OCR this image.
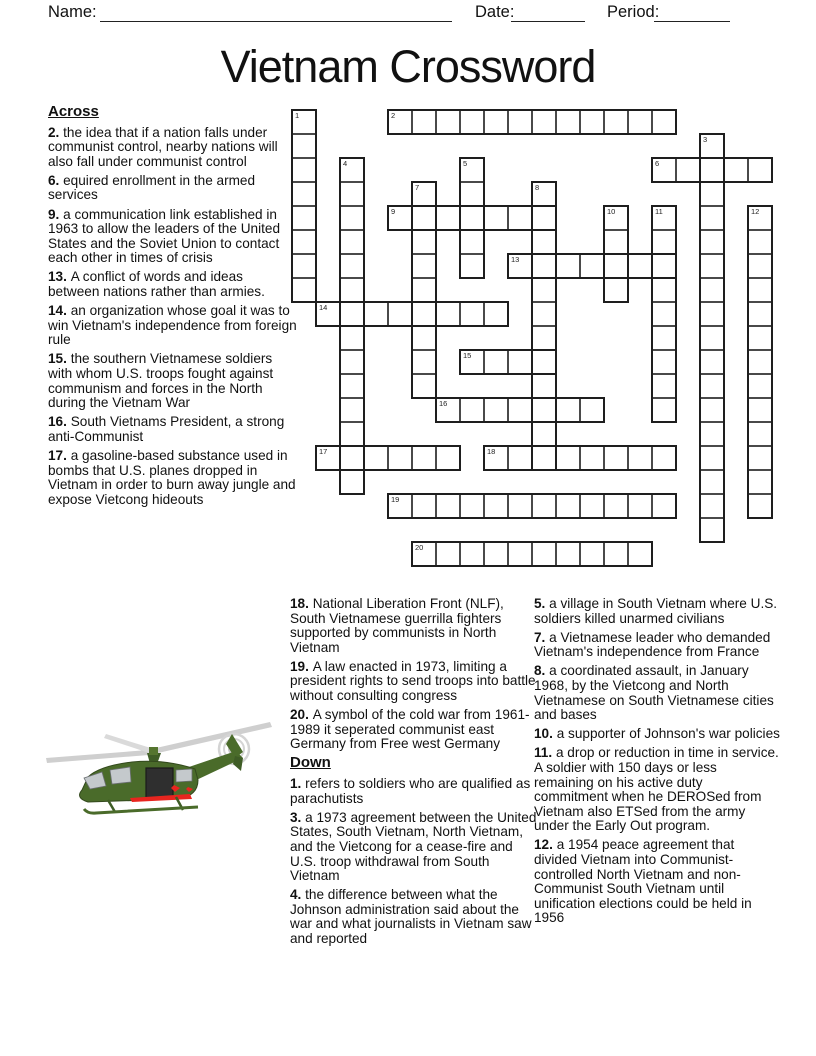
Name:	Date:	Period:
Vietnam Crossword
1	2
3
4	5	6
7	8
9	10	11	12
13
14
15
16
17	18
19
20

Across

2. the idea that if a nation falls under communist control, nearby nations will also fall under communist control

6. equired enrollment in the armed services

9. a communication link established in 1963 to allow the leaders of the United States and the Soviet Union to contact each other in times of crisis

13. A conflict of words and ideas between nations rather than armies.

14. an organization whose goal it was to win Vietnam's independence from foreign rule

15. the southern Vietnamese soldiers with whom U.S. troops fought against communism and forces in the North during the Vietnam War

16. South Vietnams President, a strong anti-Communist

17. a gasoline-based substance used in bombs that U.S. planes dropped in Vietnam in order to burn away jungle and expose Vietcong hideouts

18. National Liberation Front (NLF), South Vietnamese guerrilla fighters supported by communists in North Vietnam

19. A law enacted in 1973, limiting a president rights to send troops into battle without consulting congress

20. A symbol of the cold war from 1961-1989 it seperated communist east Germany from Free west Germany

Down

1. refers to soldiers who are qualified as parachutists

3. a 1973 agreement between the United States, South Vietnam, North Vietnam, and the Vietcong for a cease-fire and U.S. troop withdrawal from South Vietnam

4. the difference between what the Johnson administration said about the war and what journalists in Vietnam saw and reported

5. a village in South Vietnam where U.S. soldiers killed unarmed civilians

7. a Vietnamese leader who demanded Vietnam's independence from France

8. a coordinated assault, in January 1968, by the Vietcong and North Vietnamese on South Vietnamese cities and bases

10. a supporter of Johnson's war policies

11. a drop or reduction in time in service. A soldier with 150 days or less remaining on his active duty commitment when he DEROSed from Vietnam also ETSed from the army under the Early Out program.

12. a 1954 peace agreement that divided Vietnam into Communist-controlled North Vietnam and non-Communist South Vietnam until unification elections could be held in 1956
